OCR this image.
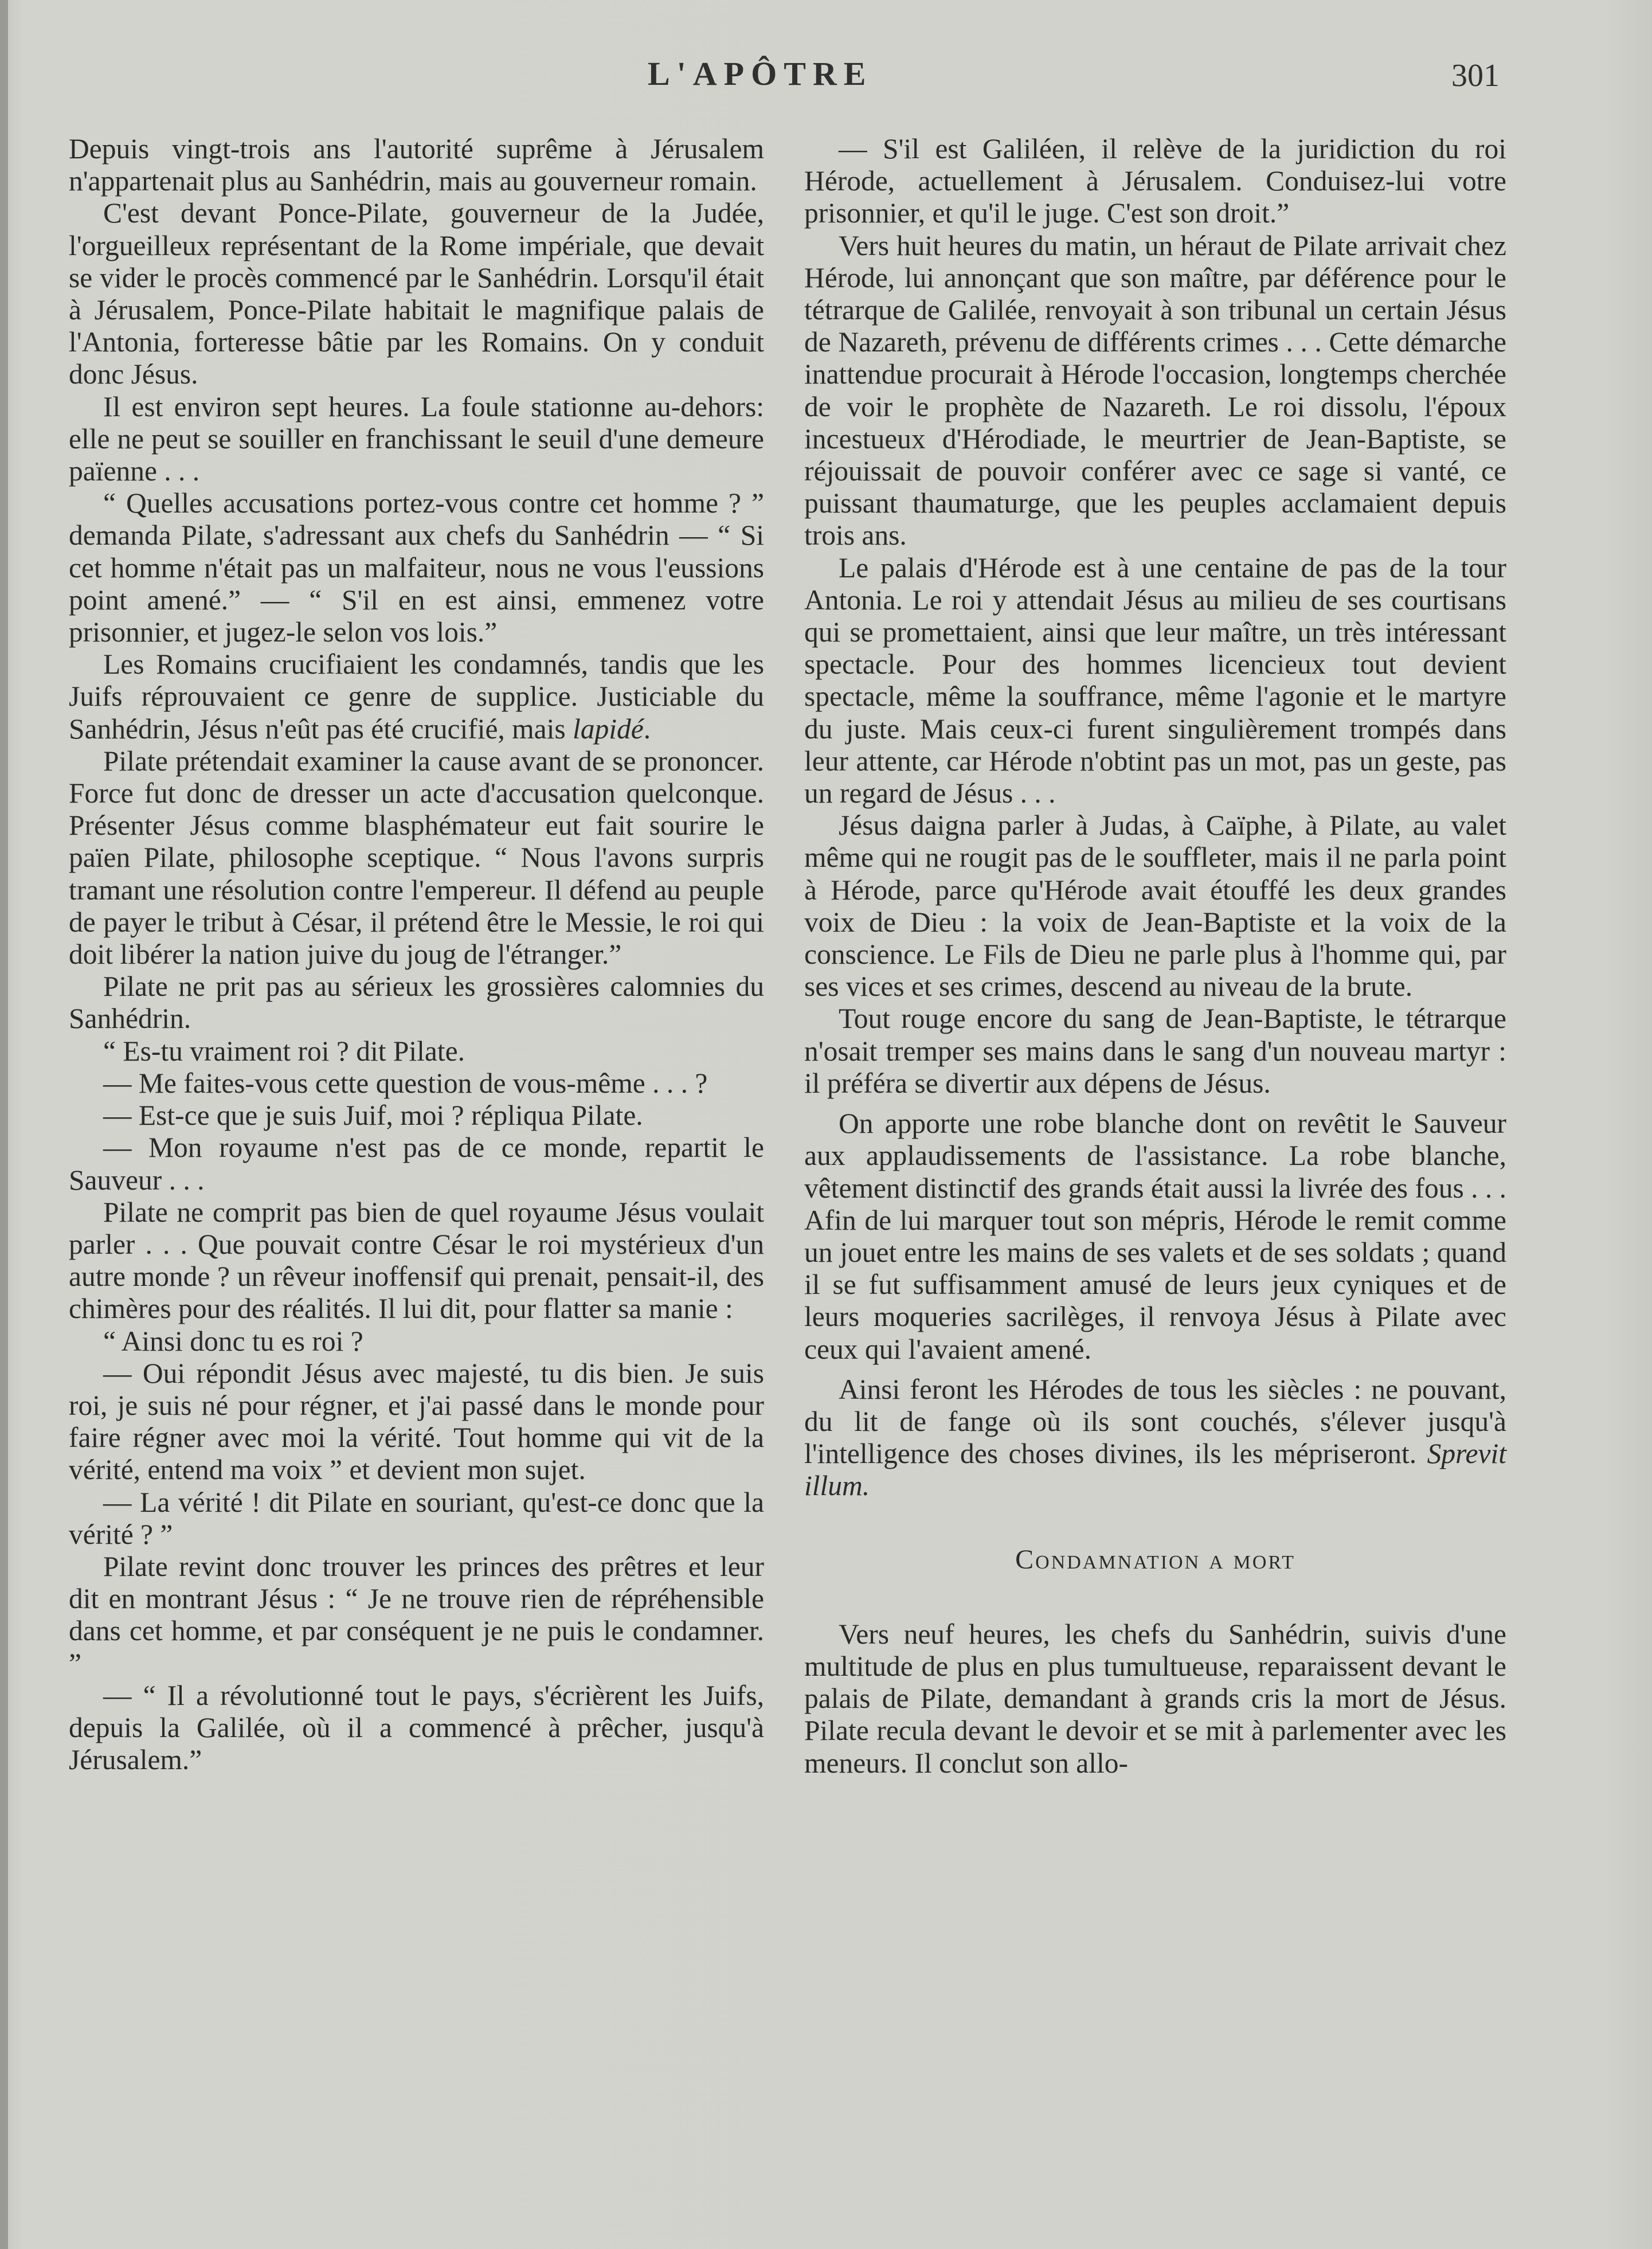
L'APÔTRE	301

Depuis vingt-trois ans l'autorité suprême à Jérusalem n'appartenait plus au Sanhédrin, mais au gouverneur romain.

C'est devant Ponce-Pilate, gouverneur de la Judée, l'orgueilleux représentant de la Rome impériale, que devait se vider le procès commencé par le Sanhédrin. Lorsqu'il était à Jérusalem, Ponce-Pilate habitait le magnifique palais de l'Antonia, forteresse bâtie par les Romains. On y conduit donc Jésus.

Il est environ sept heures. La foule stationne au-dehors: elle ne peut se souiller en franchissant le seuil d'une demeure païenne . . .

“ Quelles accusations portez-vous contre cet homme ? ” demanda Pilate, s'adressant aux chefs du Sanhédrin — “ Si cet homme n'était pas un malfaiteur, nous ne vous l'eussions point amené.” — “ S'il en est ainsi, emmenez votre prisonnier, et jugez-le selon vos lois.”

Les Romains crucifiaient les condamnés, tandis que les Juifs réprouvaient ce genre de supplice. Justiciable du Sanhédrin, Jésus n'eût pas été crucifié, mais lapidé.

Pilate prétendait examiner la cause avant de se prononcer. Force fut donc de dresser un acte d'accusation quelconque. Présenter Jésus comme blasphémateur eut fait sourire le païen Pilate, philosophe sceptique. “ Nous l'avons surpris tramant une résolution contre l'empereur. Il défend au peuple de payer le tribut à César, il prétend être le Messie, le roi qui doit libérer la nation juive du joug de l'étranger.”

Pilate ne prit pas au sérieux les grossières calomnies du Sanhédrin.

“ Es-tu vraiment roi ? dit Pilate.

— Me faites-vous cette question de vous-même . . . ?

— Est-ce que je suis Juif, moi ? répliqua Pilate.

— Mon royaume n'est pas de ce monde, repartit le Sauveur . . .

Pilate ne comprit pas bien de quel royaume Jésus voulait parler . . . Que pouvait contre César le roi mystérieux d'un autre monde ? un rêveur inoffensif qui prenait, pensait-il, des chimères pour des réalités. Il lui dit, pour flatter sa manie :

“ Ainsi donc tu es roi ?

— Oui répondit Jésus avec majesté, tu dis bien. Je suis roi, je suis né pour régner, et j'ai passé dans le monde pour faire régner avec moi la vérité. Tout homme qui vit de la vérité, entend ma voix ” et devient mon sujet.

— La vérité ! dit Pilate en souriant, qu'est-ce donc que la vérité ? ”

Pilate revint donc trouver les princes des prêtres et leur dit en montrant Jésus : “ Je ne trouve rien de répréhensible dans cet homme, et par conséquent je ne puis le condamner. ”

— “ Il a révolutionné tout le pays, s'écrièrent les Juifs, depuis la Galilée, où il a commencé à prêcher, jusqu'à Jérusalem.”

— S'il est Galiléen, il relève de la juridiction du roi Hérode, actuellement à Jérusalem. Conduisez-lui votre prisonnier, et qu'il le juge. C'est son droit.”

Vers huit heures du matin, un héraut de Pilate arrivait chez Hérode, lui annonçant que son maître, par déférence pour le tétrarque de Galilée, renvoyait à son tribunal un certain Jésus de Nazareth, prévenu de différents crimes . . . Cette démarche inattendue procurait à Hérode l'occasion, longtemps cherchée de voir le prophète de Nazareth. Le roi dissolu, l'époux incestueux d'Hérodiade, le meurtrier de Jean-Baptiste, se réjouissait de pouvoir conférer avec ce sage si vanté, ce puissant thaumaturge, que les peuples acclamaient depuis trois ans.

Le palais d'Hérode est à une centaine de pas de la tour Antonia. Le roi y attendait Jésus au milieu de ses courtisans qui se promettaient, ainsi que leur maître, un très intéressant spectacle. Pour des hommes licencieux tout devient spectacle, même la souffrance, même l'agonie et le martyre du juste. Mais ceux-ci furent singulièrement trompés dans leur attente, car Hérode n'obtint pas un mot, pas un geste, pas un regard de Jésus . . .

Jésus daigna parler à Judas, à Caïphe, à Pilate, au valet même qui ne rougit pas de le souffleter, mais il ne parla point à Hérode, parce qu'Hérode avait étouffé les deux grandes voix de Dieu : la voix de Jean-Baptiste et la voix de la conscience. Le Fils de Dieu ne parle plus à l'homme qui, par ses vices et ses crimes, descend au niveau de la brute.

Tout rouge encore du sang de Jean-Baptiste, le tétrarque n'osait tremper ses mains dans le sang d'un nouveau martyr : il préféra se divertir aux dépens de Jésus.

On apporte une robe blanche dont on revêtit le Sauveur aux applaudissements de l'assistance. La robe blanche, vêtement distinctif des grands était aussi la livrée des fous . . . Afin de lui marquer tout son mépris, Hérode le remit comme un jouet entre les mains de ses valets et de ses soldats ; quand il se fut suffisamment amusé de leurs jeux cyniques et de leurs moqueries sacrilèges, il renvoya Jésus à Pilate avec ceux qui l'avaient amené.

Ainsi feront les Hérodes de tous les siècles : ne pouvant, du lit de fange où ils sont couchés, s'élever jusqu'à l'intelligence des choses divines, ils les mépriseront. Sprevit illum.

Condamnation a mort

Vers neuf heures, les chefs du Sanhédrin, suivis d'une multitude de plus en plus tumultueuse, reparaissent devant le palais de Pilate, demandant à grands cris la mort de Jésus. Pilate recula devant le devoir et se mit à parlementer avec les meneurs. Il conclut son allo-
